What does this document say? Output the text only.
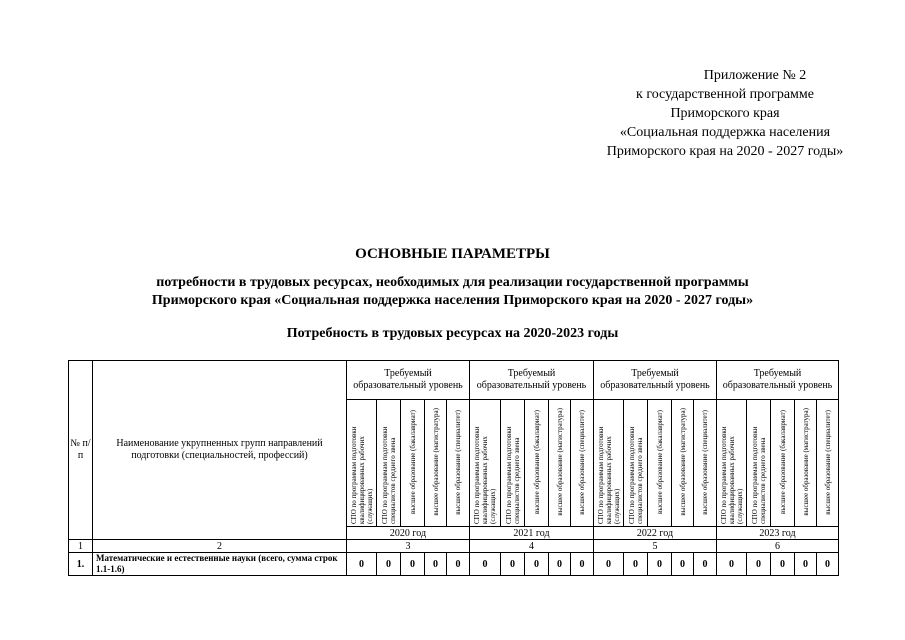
Приложение № 2
к государственной программе
Приморского края
«Социальная поддержка населения
Приморского края на 2020 - 2027 годы»
ОСНОВНЫЕ ПАРАМЕТРЫ
потребности в трудовых ресурсах, необходимых для реализации государственной программы
Приморского края «Социальная поддержка населения Приморского края на 2020 - 2027 годы»
Потребность в трудовых ресурсах на 2020-2023 годы
№ п/п	Наименование укрупненных групп направлений подготовки (специальностей, профессий)	Требуемый образовательный уровень					Требуемый образовательный уровень					Требуемый образовательный уровень					Требуемый образовательный уровень				
		СПО по программам подготовки квалифицированных рабочих (служащих)	СПО по программам подготовки специалистов среднего звена	высшее образование (бакалавриат)	высшее образование (магистратура)	высшее образование (специалитет)	СПО по программам подготовки квалифицированных рабочих (служащих)	СПО по программам подготовки специалистов среднего звена	высшее образование (бакалавриат)	высшее образование (магистратура)	высшее образование (специалитет)	СПО по программам подготовки квалифицированных рабочих (служащих)	СПО по программам подготовки специалистов среднего звена	высшее образование (бакалавриат)	высшее образование (магистратура)	высшее образование (специалитет)	СПО по программам подготовки квалифицированных рабочих (служащих)	СПО по программам подготовки специалистов среднего звена	высшее образование (бакалавриат)	высшее образование (магистратура)	высшее образование (специалитет)
		2020 год					2021 год					2022 год					2023 год				
1	2	3					4					5					6				
1.	Математические и естественные науки (всего, сумма строк 1.1-1.6)	0	0	0	0	0	0	0	0	0	0	0	0	0	0	0	0	0	0	0	0
